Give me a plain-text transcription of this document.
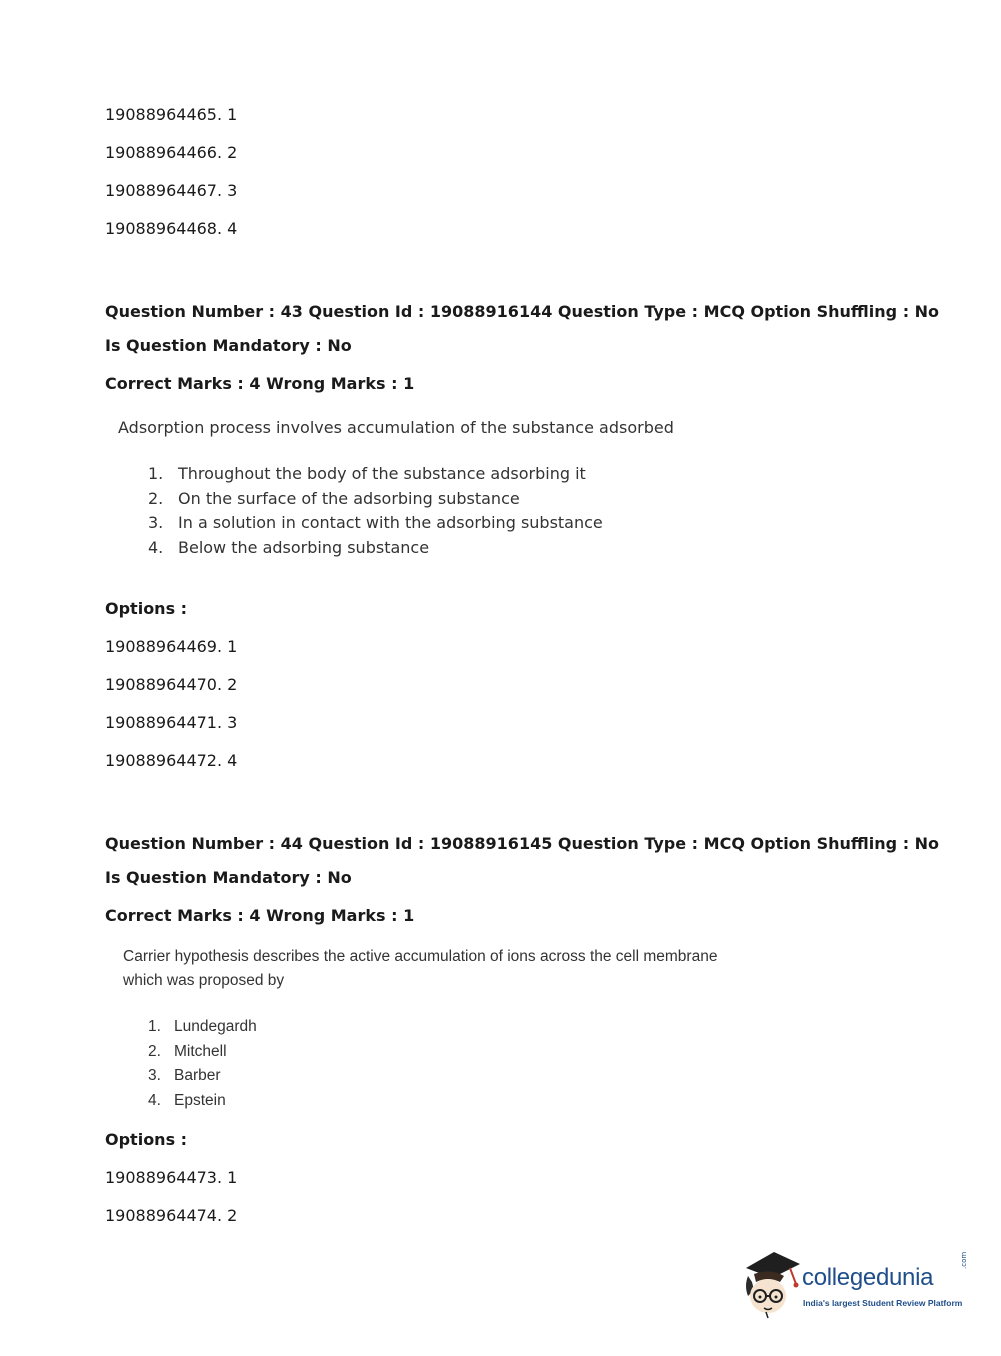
19088964465. 1
19088964466. 2
19088964467. 3
19088964468. 4
Question Number : 43 Question Id : 19088916144 Question Type : MCQ Option Shuffling : No
Is Question Mandatory : No
Correct Marks : 4 Wrong Marks : 1
Adsorption process involves accumulation of the substance adsorbed
1. Throughout the body of the substance adsorbing it
2. On the surface of the adsorbing substance
3. In a solution in contact with the adsorbing substance
4. Below the adsorbing substance
Options :
19088964469. 1
19088964470. 2
19088964471. 3
19088964472. 4
Question Number : 44 Question Id : 19088916145 Question Type : MCQ Option Shuffling : No
Is Question Mandatory : No
Correct Marks : 4 Wrong Marks : 1
Carrier hypothesis describes the active accumulation of ions across the cell membrane
which was proposed by
1. Lundegardh
2. Mitchell
3. Barber
4. Epstein
Options :
19088964473. 1
19088964474. 2
collegedunia
.com
India's largest Student Review Platform
